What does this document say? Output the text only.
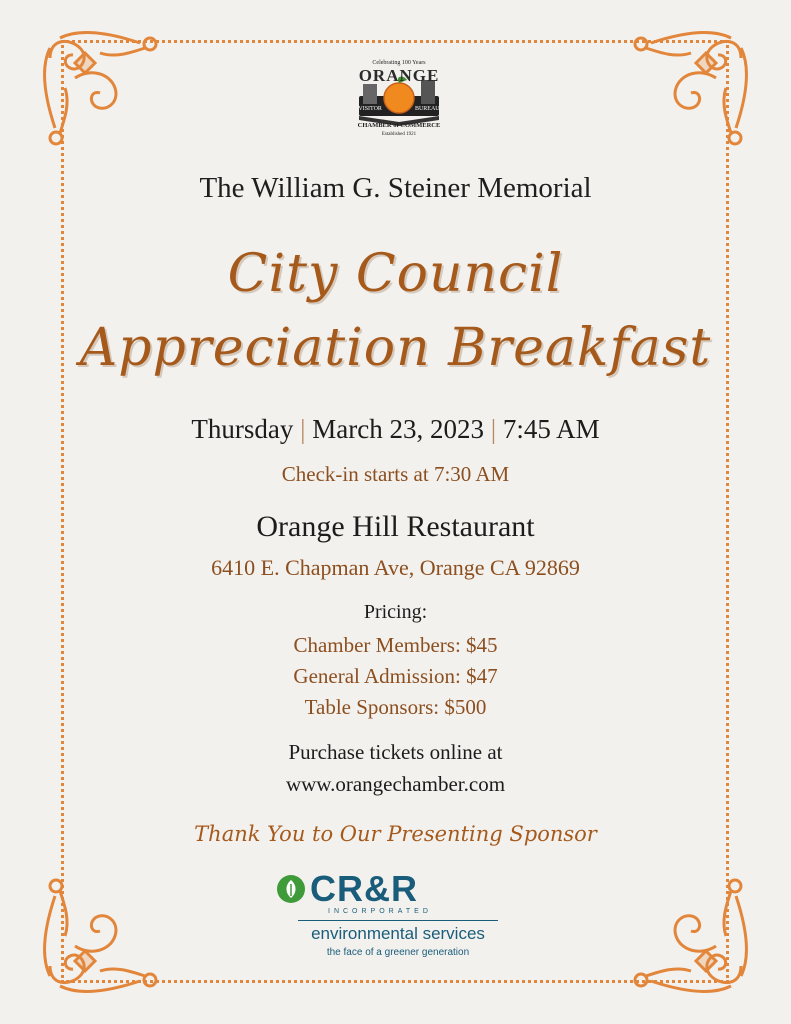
Celebrating 100 Years
ORANGE
VISITOR	BUREAU
CHAMBER of COMMERCE
Established 1921
The William G. Steiner Memorial
City Council
Appreciation Breakfast
Thursday | March 23, 2023 | 7:45 AM
Check-in starts at 7:30 AM
Orange Hill Restaurant
6410 E. Chapman Ave, Orange CA 92869
Pricing:
Chamber Members: $45
General Admission: $47
Table Sponsors: $500
Purchase tickets online at
www.orangechamber.com
Thank You to Our Presenting Sponsor
CR&R
INCORPORATED
environmental services
the face of a greener generation
